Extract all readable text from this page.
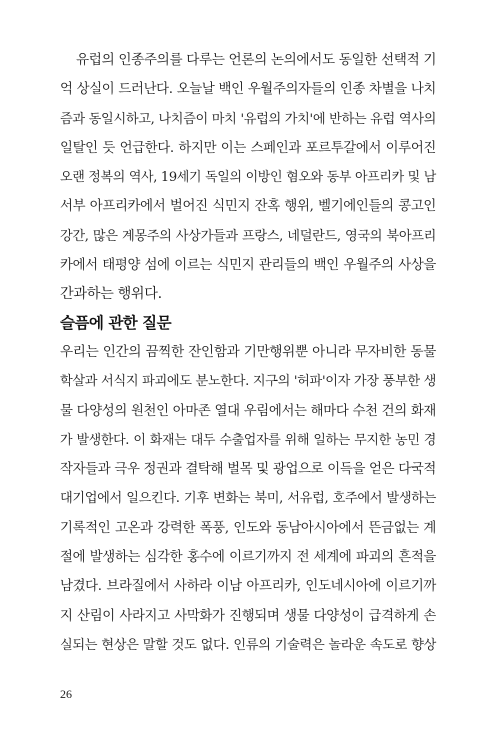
유럽의 인종주의를 다루는 언론의 논의에서도 동일한 선택적 기
억 상실이 드러난다. 오늘날 백인 우월주의자들의 인종 차별을 나치
즘과 동일시하고, 나치즘이 마치 '유럽의 가치'에 반하는 유럽 역사의
일탈인 듯 언급한다. 하지만 이는 스페인과 포르투갈에서 이루어진
오랜 정복의 역사, 19세기 독일의 이방인 혐오와 동부 아프리카 및 남
서부 아프리카에서 벌어진 식민지 잔혹 행위, 벨기에인들의 콩고인
강간, 많은 계몽주의 사상가들과 프랑스, 네덜란드, 영국의 북아프리
카에서 태평양 섬에 이르는 식민지 관리들의 백인 우월주의 사상을
간과하는 행위다.
슬픔에 관한 질문
우리는 인간의 끔찍한 잔인함과 기만행위뿐 아니라 무자비한 동물
학살과 서식지 파괴에도 분노한다. 지구의 '허파'이자 가장 풍부한 생
물 다양성의 원천인 아마존 열대 우림에서는 해마다 수천 건의 화재
가 발생한다. 이 화재는 대두 수출업자를 위해 일하는 무지한 농민 경
작자들과 극우 정권과 결탁해 벌목 및 광업으로 이득을 얻은 다국적
대기업에서 일으킨다. 기후 변화는 북미, 서유럽, 호주에서 발생하는
기록적인 고온과 강력한 폭풍, 인도와 동남아시아에서 뜬금없는 계
절에 발생하는 심각한 홍수에 이르기까지 전 세계에 파괴의 흔적을
남겼다. 브라질에서 사하라 이남 아프리카, 인도네시아에 이르기까
지 산림이 사라지고 사막화가 진행되며 생물 다양성이 급격하게 손
실되는 현상은 말할 것도 없다. 인류의 기술력은 놀라운 속도로 향상
26
